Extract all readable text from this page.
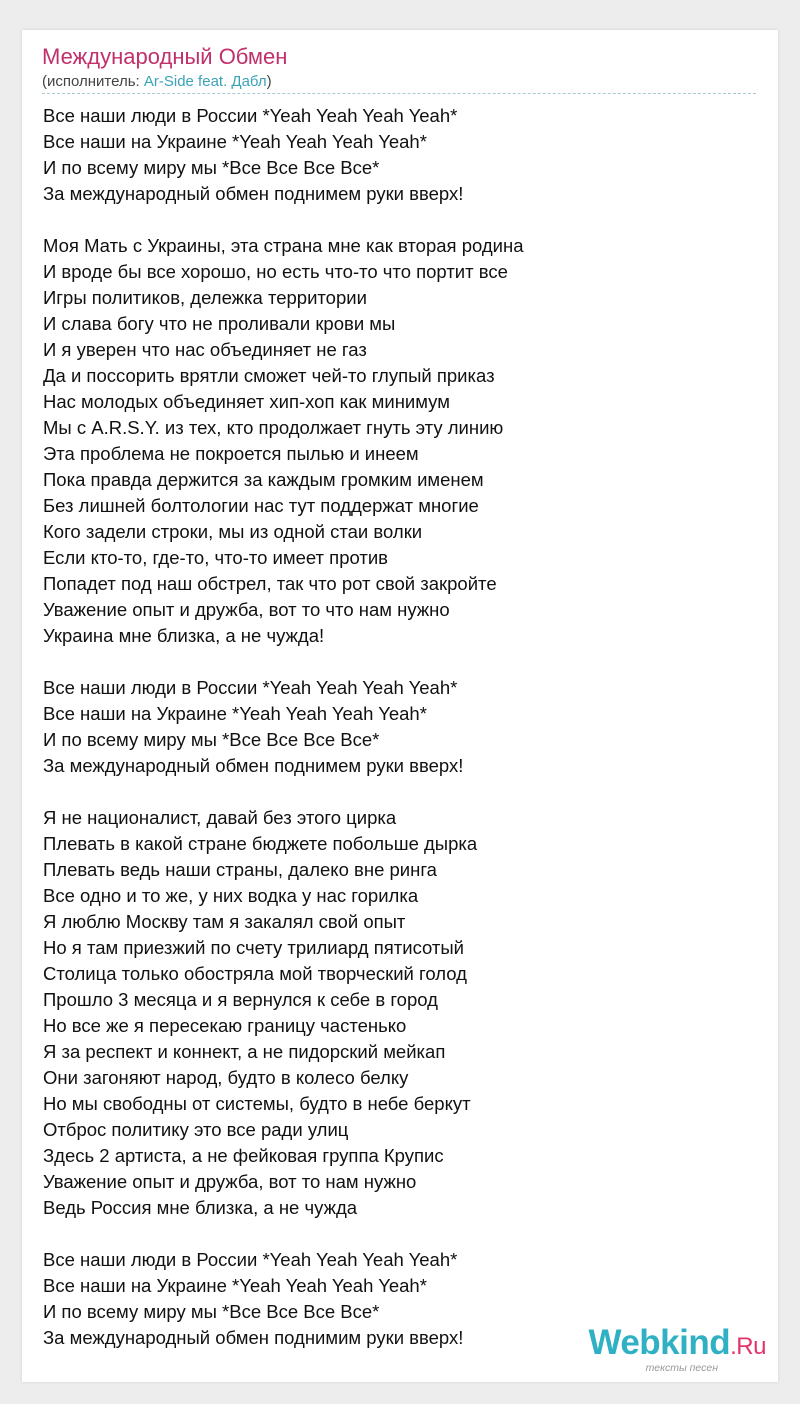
Международный Обмен
(исполнитель: Ar-Side feat. Дабл)
Все наши люди в России *Yeah Yeah Yeah Yeah*
Все наши на Украине *Yeah Yeah Yeah Yeah*
И по всему миру мы *Все Все Все Все*
За международный обмен поднимем руки вверх!
Моя Мать с Украины, эта страна мне как вторая родина
И вроде бы все хорошо, но есть что-то что портит все
Игры политиков, дележка территории
И слава богу что не проливали крови мы
И я уверен что нас объединяет не газ
Да и поссорить врятли сможет чей-то глупый приказ
Нас молодых объединяет хип-хоп как минимум
Мы с A.R.S.Y. из тех, кто продолжает гнуть эту линию
Эта проблема не покроется пылью и инеем
Пока правда держится за каждым громким именем
Без лишней болтологии нас тут поддержат многие
Кого задели строки, мы из одной стаи волки
Если кто-то, где-то, что-то имеет против
Попадет под наш обстрел, так что рот свой закройте
Уважение опыт и дружба, вот то что нам нужно
Украина мне близка, а не чужда!
Все наши люди в России *Yeah Yeah Yeah Yeah*
Все наши на Украине *Yeah Yeah Yeah Yeah*
И по всему миру мы *Все Все Все Все*
За международный обмен поднимем руки вверх!
Я не националист, давай без этого цирка
Плевать в какой стране бюджете побольше дырка
Плевать ведь наши страны, далеко вне ринга
Все одно и то же, у них водка у нас горилка
Я люблю Москву там я закалял свой опыт
Но я там приезжий по счету трилиард пятисотый
Столица только обостряла мой творческий голод
Прошло 3 месяца и я вернулся к себе в город
Но все же я пересекаю границу частенько
Я за респект и коннект, а не пидорский мейкап
Они загоняют народ, будто в колесо белку
Но мы свободны от системы, будто в небе беркут
Отброс политику это все ради улиц
Здесь 2 артиста, а не фейковая группа Крупис
Уважение опыт и дружба, вот то нам нужно
Ведь Россия мне близка, а не чужда
Все наши люди в России *Yeah Yeah Yeah Yeah*
Все наши на Украине *Yeah Yeah Yeah Yeah*
И по всему миру мы *Все Все Все Все*
За международный обмен поднимим руки вверх!	Webkind.Ru
тексты песен
